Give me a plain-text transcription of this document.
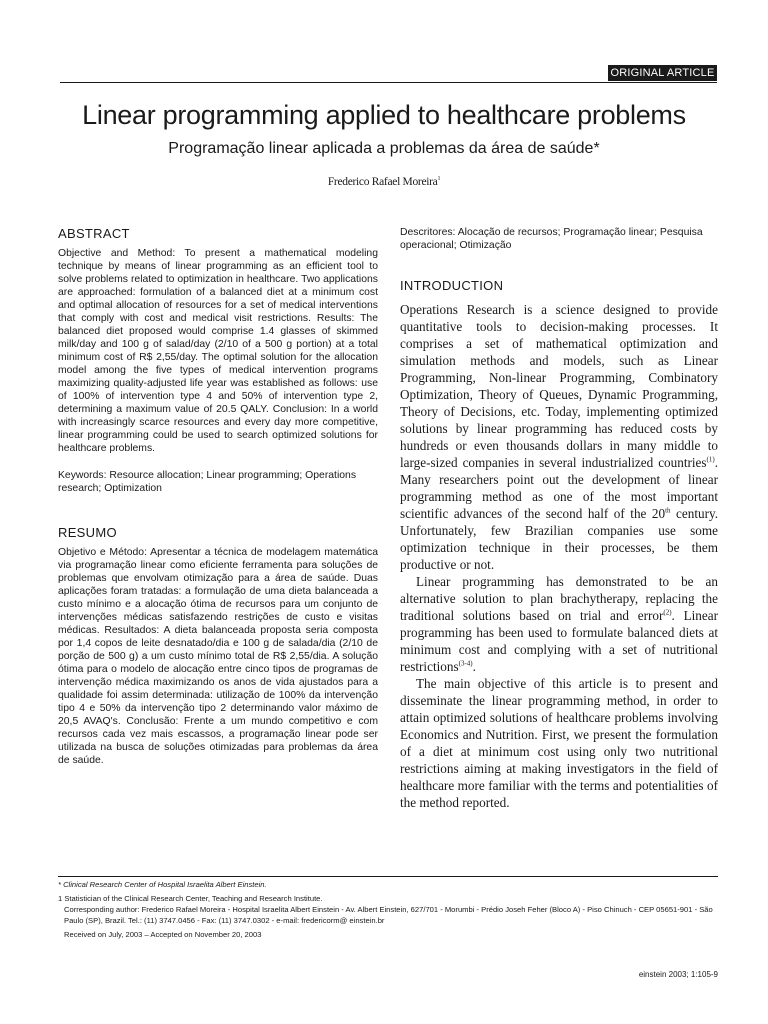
ORIGINAL ARTICLE
Linear programming applied to healthcare problems
Programação linear aplicada a problemas da área de saúde*
Frederico Rafael Moreira$^1$
ABSTRACT

Objective and Method: To present a mathematical modeling technique by means of linear programming as an efficient tool to solve problems related to optimization in healthcare. Two applications are approached: formulation of a balanced diet at a minimum cost and optimal allocation of resources for a set of medical interventions that comply with cost and medical visit restrictions. Results: The balanced diet proposed would comprise 1.4 glasses of skimmed milk/day and 100 g of salad/day (2/10 of a 500 g portion) at a total minimum cost of R$ 2,55/day. The optimal solution for the allocation model among the five types of medical intervention programs maximizing quality-adjusted life year was established as follows: use of 100% of intervention type 4 and 50% of intervention type 2, determining a maximum value of 20.5 QALY. Conclusion: In a world with increasingly scarce resources and every day more competitive, linear programming could be used to search optimized solutions for healthcare problems.

Keywords: Resource allocation; Linear programming; Operations research; Optimization

RESUMO

Objetivo e Método: Apresentar a técnica de modelagem matemática via programação linear como eficiente ferramenta para soluções de problemas que envolvam otimização para a área de saúde. Duas aplicações foram tratadas: a formulação de uma dieta balanceada a custo mínimo e a alocação ótima de recursos para um conjunto de intervenções médicas satisfazendo restrições de custo e visitas médicas. Resultados: A dieta balanceada proposta seria composta por 1,4 copos de leite desnatado/dia e 100 g de salada/dia (2/10 de porção de 500 g) a um custo mínimo total de R$ 2,55/dia. A solução ótima para o modelo de alocação entre cinco tipos de programas de intervenção médica maximizando os anos de vida ajustados para a qualidade foi assim determinada: utilização de 100% da intervenção tipo 4 e 50% da intervenção tipo 2 determinando valor máximo de 20,5 AVAQ's. Conclusão: Frente a um mundo competitivo e com recursos cada vez mais escassos, a programação linear pode ser utilizada na busca de soluções otimizadas para problemas da área de saúde.

Descritores: Alocação de recursos; Programação linear; Pesquisa operacional; Otimização

INTRODUCTION

Operations Research is a science designed to provide quantitative tools to decision-making processes. It comprises a set of mathematical optimization and simulation methods and models, such as Linear Programming, Non-linear Programming, Combinatory Optimization, Theory of Queues, Dynamic Programming, Theory of Decisions, etc. Today, implementing optimized solutions by linear programming has reduced costs by hundreds or even thousands dollars in many middle to large-sized companies in several industrialized countries$^{(1)}$. Many researchers point out the development of linear programming method as one of the most important scientific advances of the second half of the 20th century. Unfortunately, few Brazilian companies use some optimization technique in their processes, be them productive or not.

Linear programming has demonstrated to be an alternative solution to plan brachytherapy, replacing the traditional solutions based on trial and error$^{(2)}$. Linear programming has been used to formulate balanced diets at minimum cost and complying with a set of nutritional restrictions$^{(3-4)}$.

The main objective of this article is to present and disseminate the linear programming method, in order to attain optimized solutions of healthcare problems involving Economics and Nutrition. First, we present the formulation of a diet at minimum cost using only two nutritional restrictions aiming at making investigators in the field of healthcare more familiar with the terms and potentialities of the method reported.

* Clinical Research Center of Hospital Israelita Albert Einstein.

1 Statistician of the Clinical Research Center, Teaching and Research Institute.

Corresponding author: Frederico Rafael Moreira - Hospital Israelita Albert Einstein - Av. Albert Einstein, 627/701 - Morumbi - Prédio Joseh Feher (Bloco A) - Piso Chinuch - CEP 05651-901 - São Paulo (SP), Brazil. Tel.: (11) 3747.0456 - Fax: (11) 3747.0302 - e-mail: fredericorm@ einstein.br

Received on July, 2003 – Accepted on November 20, 2003

einstein 2003; 1:105-9
